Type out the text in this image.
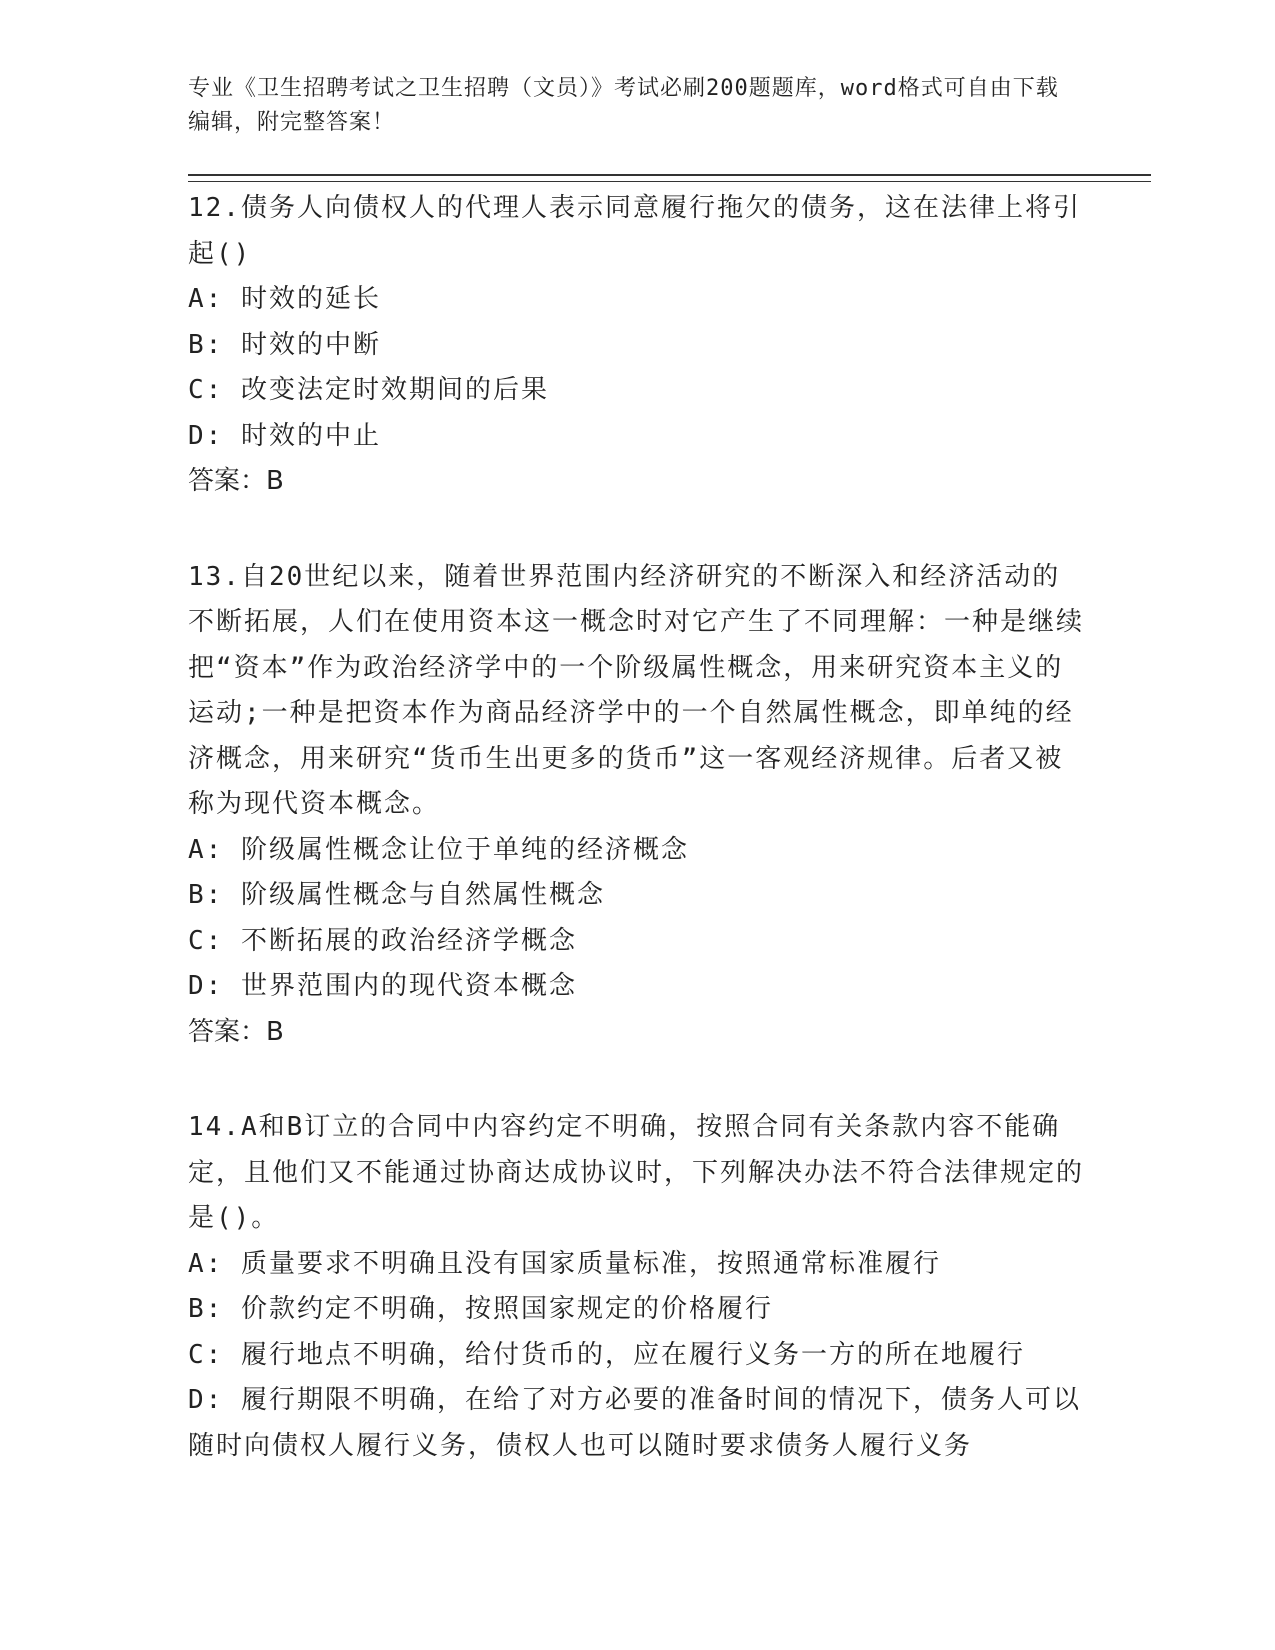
专业《卫生招聘考试之卫生招聘（文员）》考试必刷200题题库，word格式可自由下载编辑，附完整答案！
12.债务人向债权人的代理人表示同意履行拖欠的债务，这在法律上将引起()
A: 时效的延长
B: 时效的中断
C: 改变法定时效期间的后果
D: 时效的中止
答案：B
13.自20世纪以来，随着世界范围内经济研究的不断深入和经济活动的不断拓展，人们在使用资本这一概念时对它产生了不同理解：一种是继续把“资本”作为政治经济学中的一个阶级属性概念，用来研究资本主义的运动;一种是把资本作为商品经济学中的一个自然属性概念，即单纯的经济概念，用来研究“货币生出更多的货币”这一客观经济规律。后者又被称为现代资本概念。
A: 阶级属性概念让位于单纯的经济概念
B: 阶级属性概念与自然属性概念
C: 不断拓展的政治经济学概念
D: 世界范围内的现代资本概念
答案：B
14.A和B订立的合同中内容约定不明确，按照合同有关条款内容不能确定，且他们又不能通过协商达成协议时，下列解决办法不符合法律规定的是()。
A: 质量要求不明确且没有国家质量标准，按照通常标准履行
B: 价款约定不明确，按照国家规定的价格履行
C: 履行地点不明确，给付货币的，应在履行义务一方的所在地履行
D: 履行期限不明确，在给了对方必要的准备时间的情况下，债务人可以随时向债权人履行义务，债权人也可以随时要求债务人履行义务
